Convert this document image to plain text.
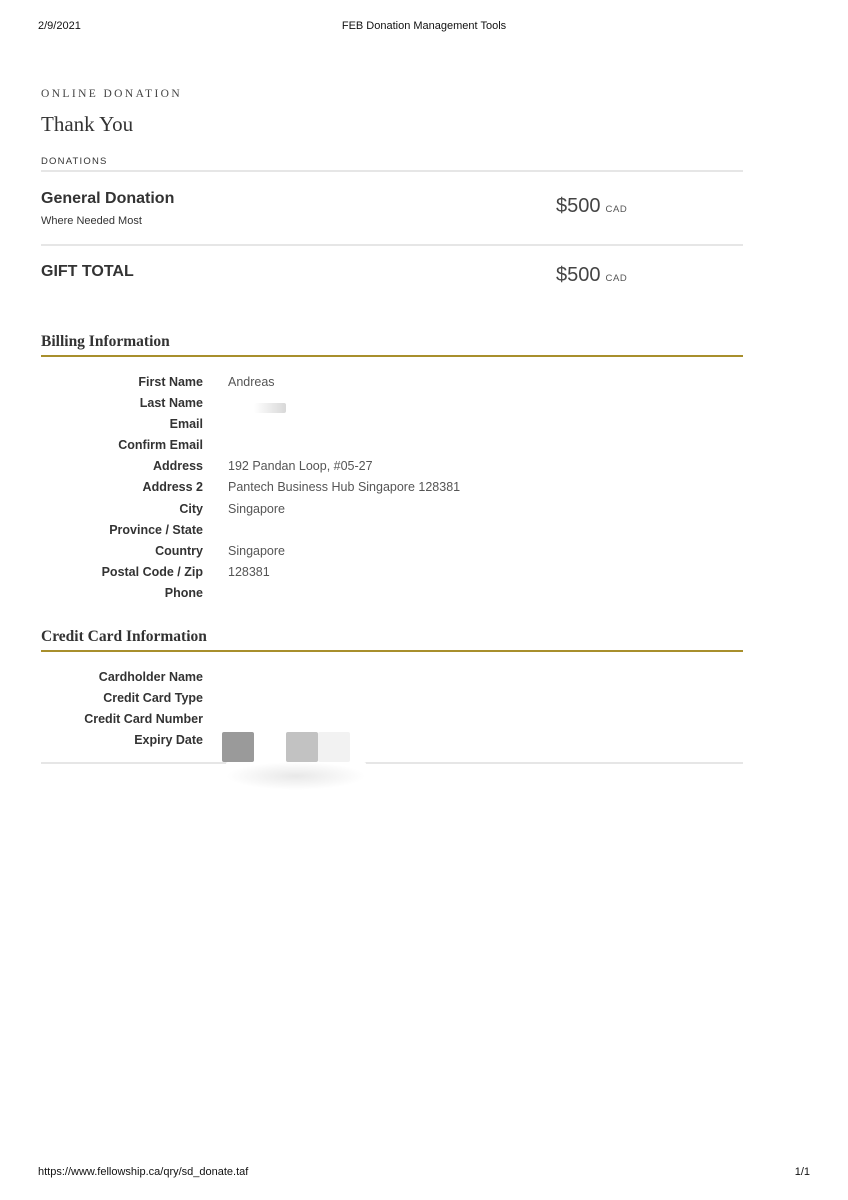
2/9/2021	FEB Donation Management Tools

ONLINE DONATION

Thank You

DONATIONS

General Donation
Where Needed Most
$500 CAD
GIFT TOTAL	$500 CAD
Billing Information
First Name Andreas
Last Name
Email
Confirm Email
Address 192 Pandan Loop, #05-27
Address 2 Pantech Business Hub Singapore 128381
City Singapore
Province / State
Country Singapore
Postal Code / Zip 128381
Phone
Credit Card Information
Cardholder Name
Credit Card Type
Credit Card Number
Expiry Date
https://www.fellowship.ca/qry/sd_donate.taf	1/1
